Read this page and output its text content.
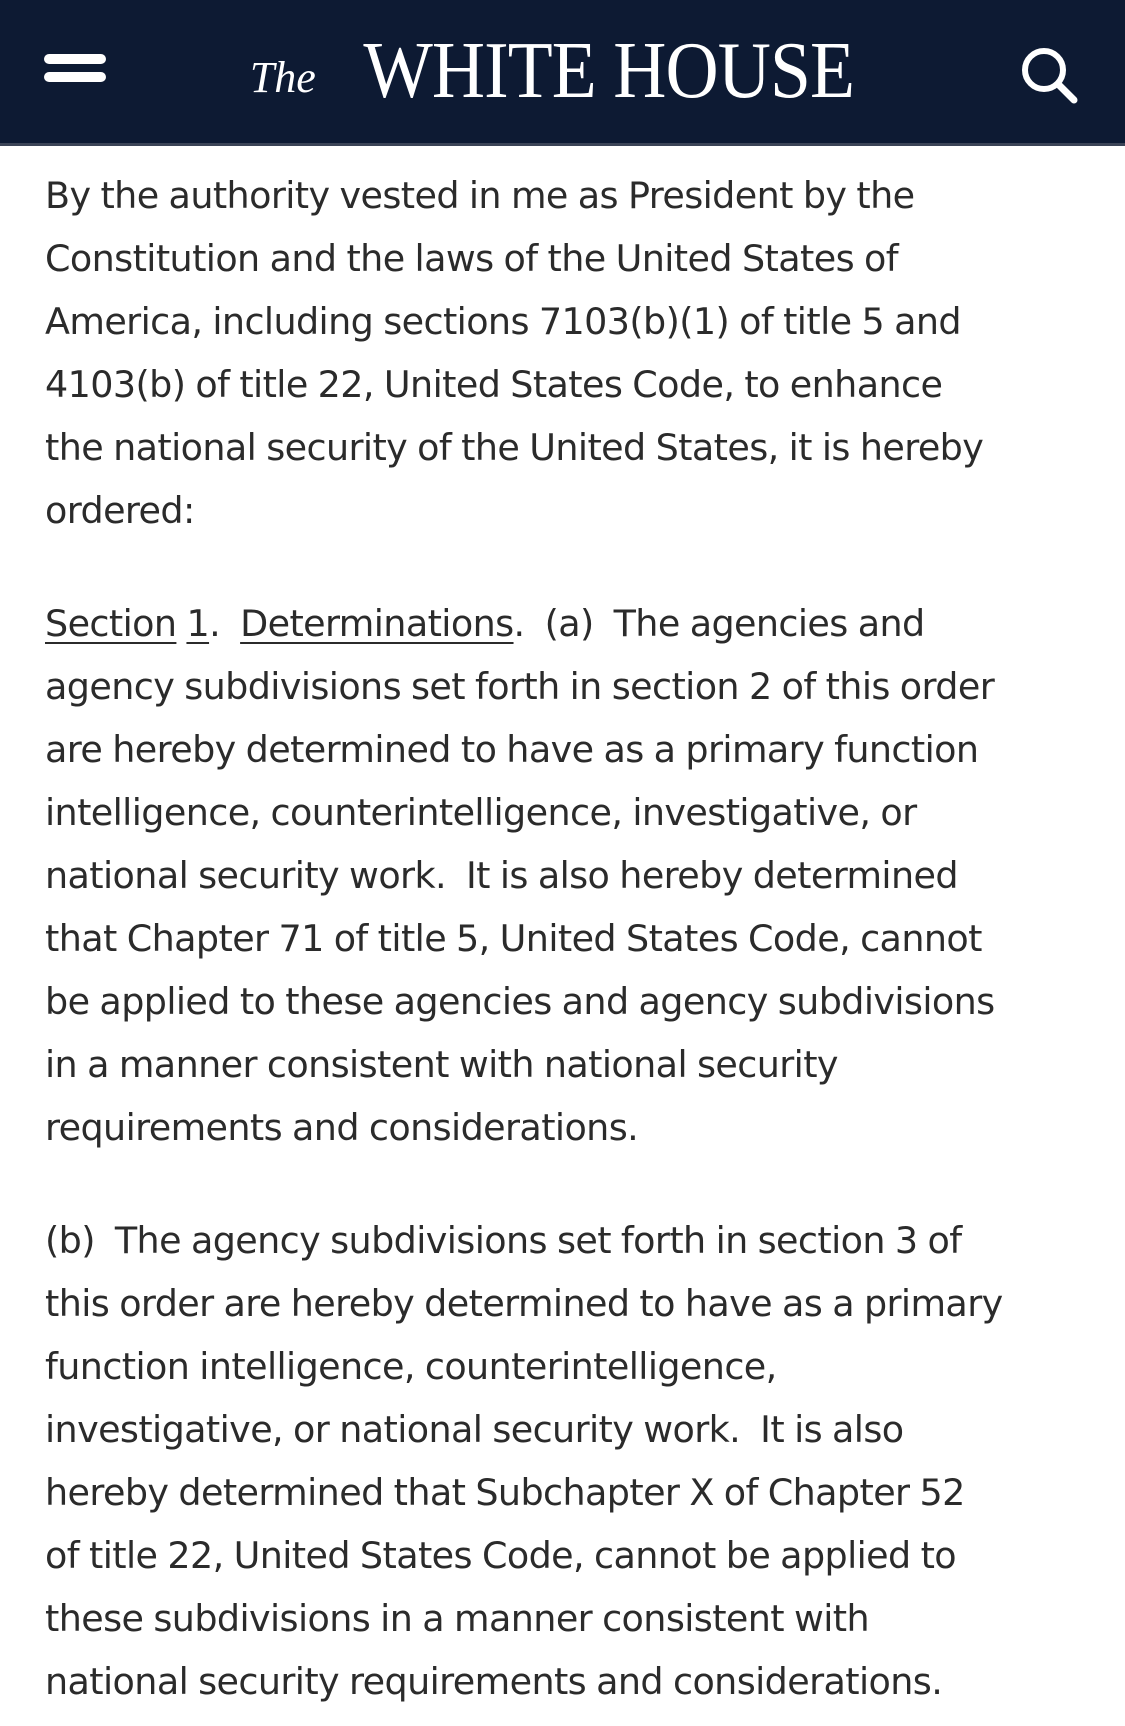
The WHITE HOUSE

By the authority vested in me as President by the
Constitution and the laws of the United States of
America, including sections 7103(b)(1) of title 5 and
4103(b) of title 22, United States Code, to enhance
the national security of the United States, it is hereby
ordered:

Section 1. Determinations. (a)  The agencies and
agency subdivisions set forth in section 2 of this order
are hereby determined to have as a primary function
intelligence, counterintelligence, investigative, or
national security work.  It is also hereby determined
that Chapter 71 of title 5, United States Code, cannot
be applied to these agencies and agency subdivisions
in a manner consistent with national security
requirements and considerations.

(b)  The agency subdivisions set forth in section 3 of
this order are hereby determined to have as a primary
function intelligence, counterintelligence,
investigative, or national security work.  It is also
hereby determined that Subchapter X of Chapter 52
of title 22, United States Code, cannot be applied to
these subdivisions in a manner consistent with
national security requirements and considerations.
